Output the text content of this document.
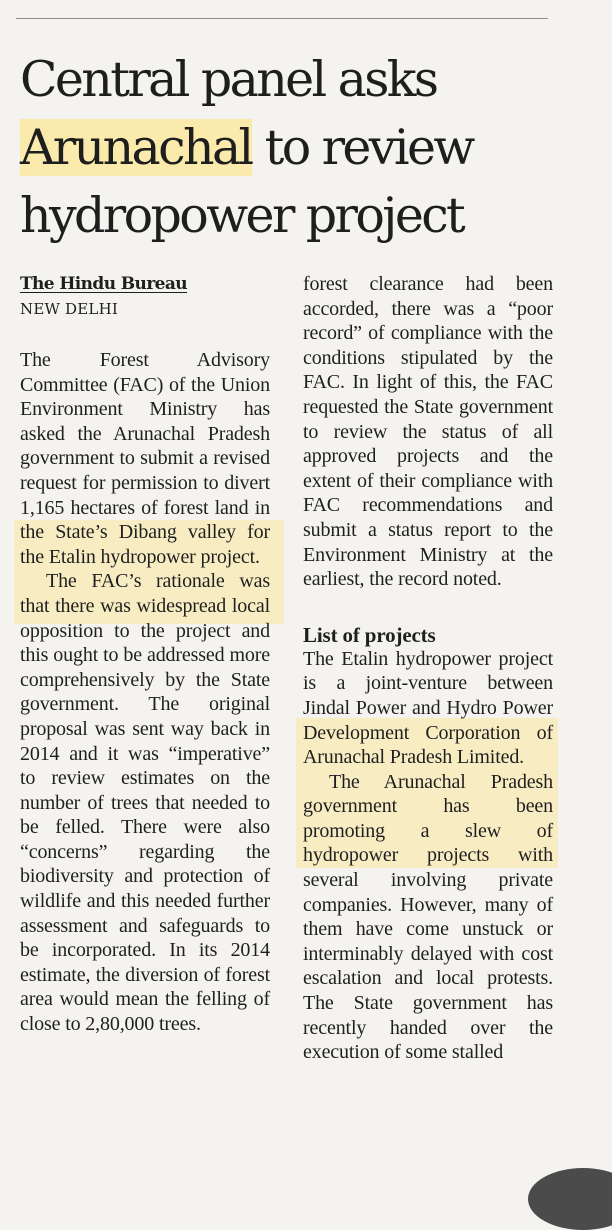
Central panel asks
Arunachal to review
hydropower project
The Hindu Bureau
NEW DELHI

The Forest Advisory Committee (FAC) of the Union Environment Ministry has asked the Arunachal Pradesh government to submit a revised request for permission to divert 1,165 hectares of forest land in the State’s Dibang valley for the Etalin hydropower project.

The FAC’s rationale was that there was widespread local opposition to the project and this ought to be addressed more comprehensively by the State government. The original proposal was sent way back in 2014 and it was “imperative” to review estimates on the number of trees that needed to be felled. There were also “concerns” regarding the biodiversity and protection of wildlife and this needed further assessment and safeguards to be incorporated. In its 2014 estimate, the diversion of forest area would mean the felling of close to 2,80,000 trees.

forest clearance had been accorded, there was a “poor record” of compliance with the conditions stipulated by the FAC. In light of this, the FAC requested the State government to review the status of all approved projects and the extent of their compliance with FAC recommendations and submit a status report to the Environment Ministry at the earliest, the record noted.

List of projects

The Etalin hydropower project is a joint-venture between Jindal Power and Hydro Power Development Corporation of Arunachal Pradesh Limited.

The Arunachal Pradesh government has been promoting a slew of hydropower projects with several involving private companies. However, many of them have come unstuck or interminably delayed with cost escalation and local protests. The State government has recently handed over the execution of some stalled
